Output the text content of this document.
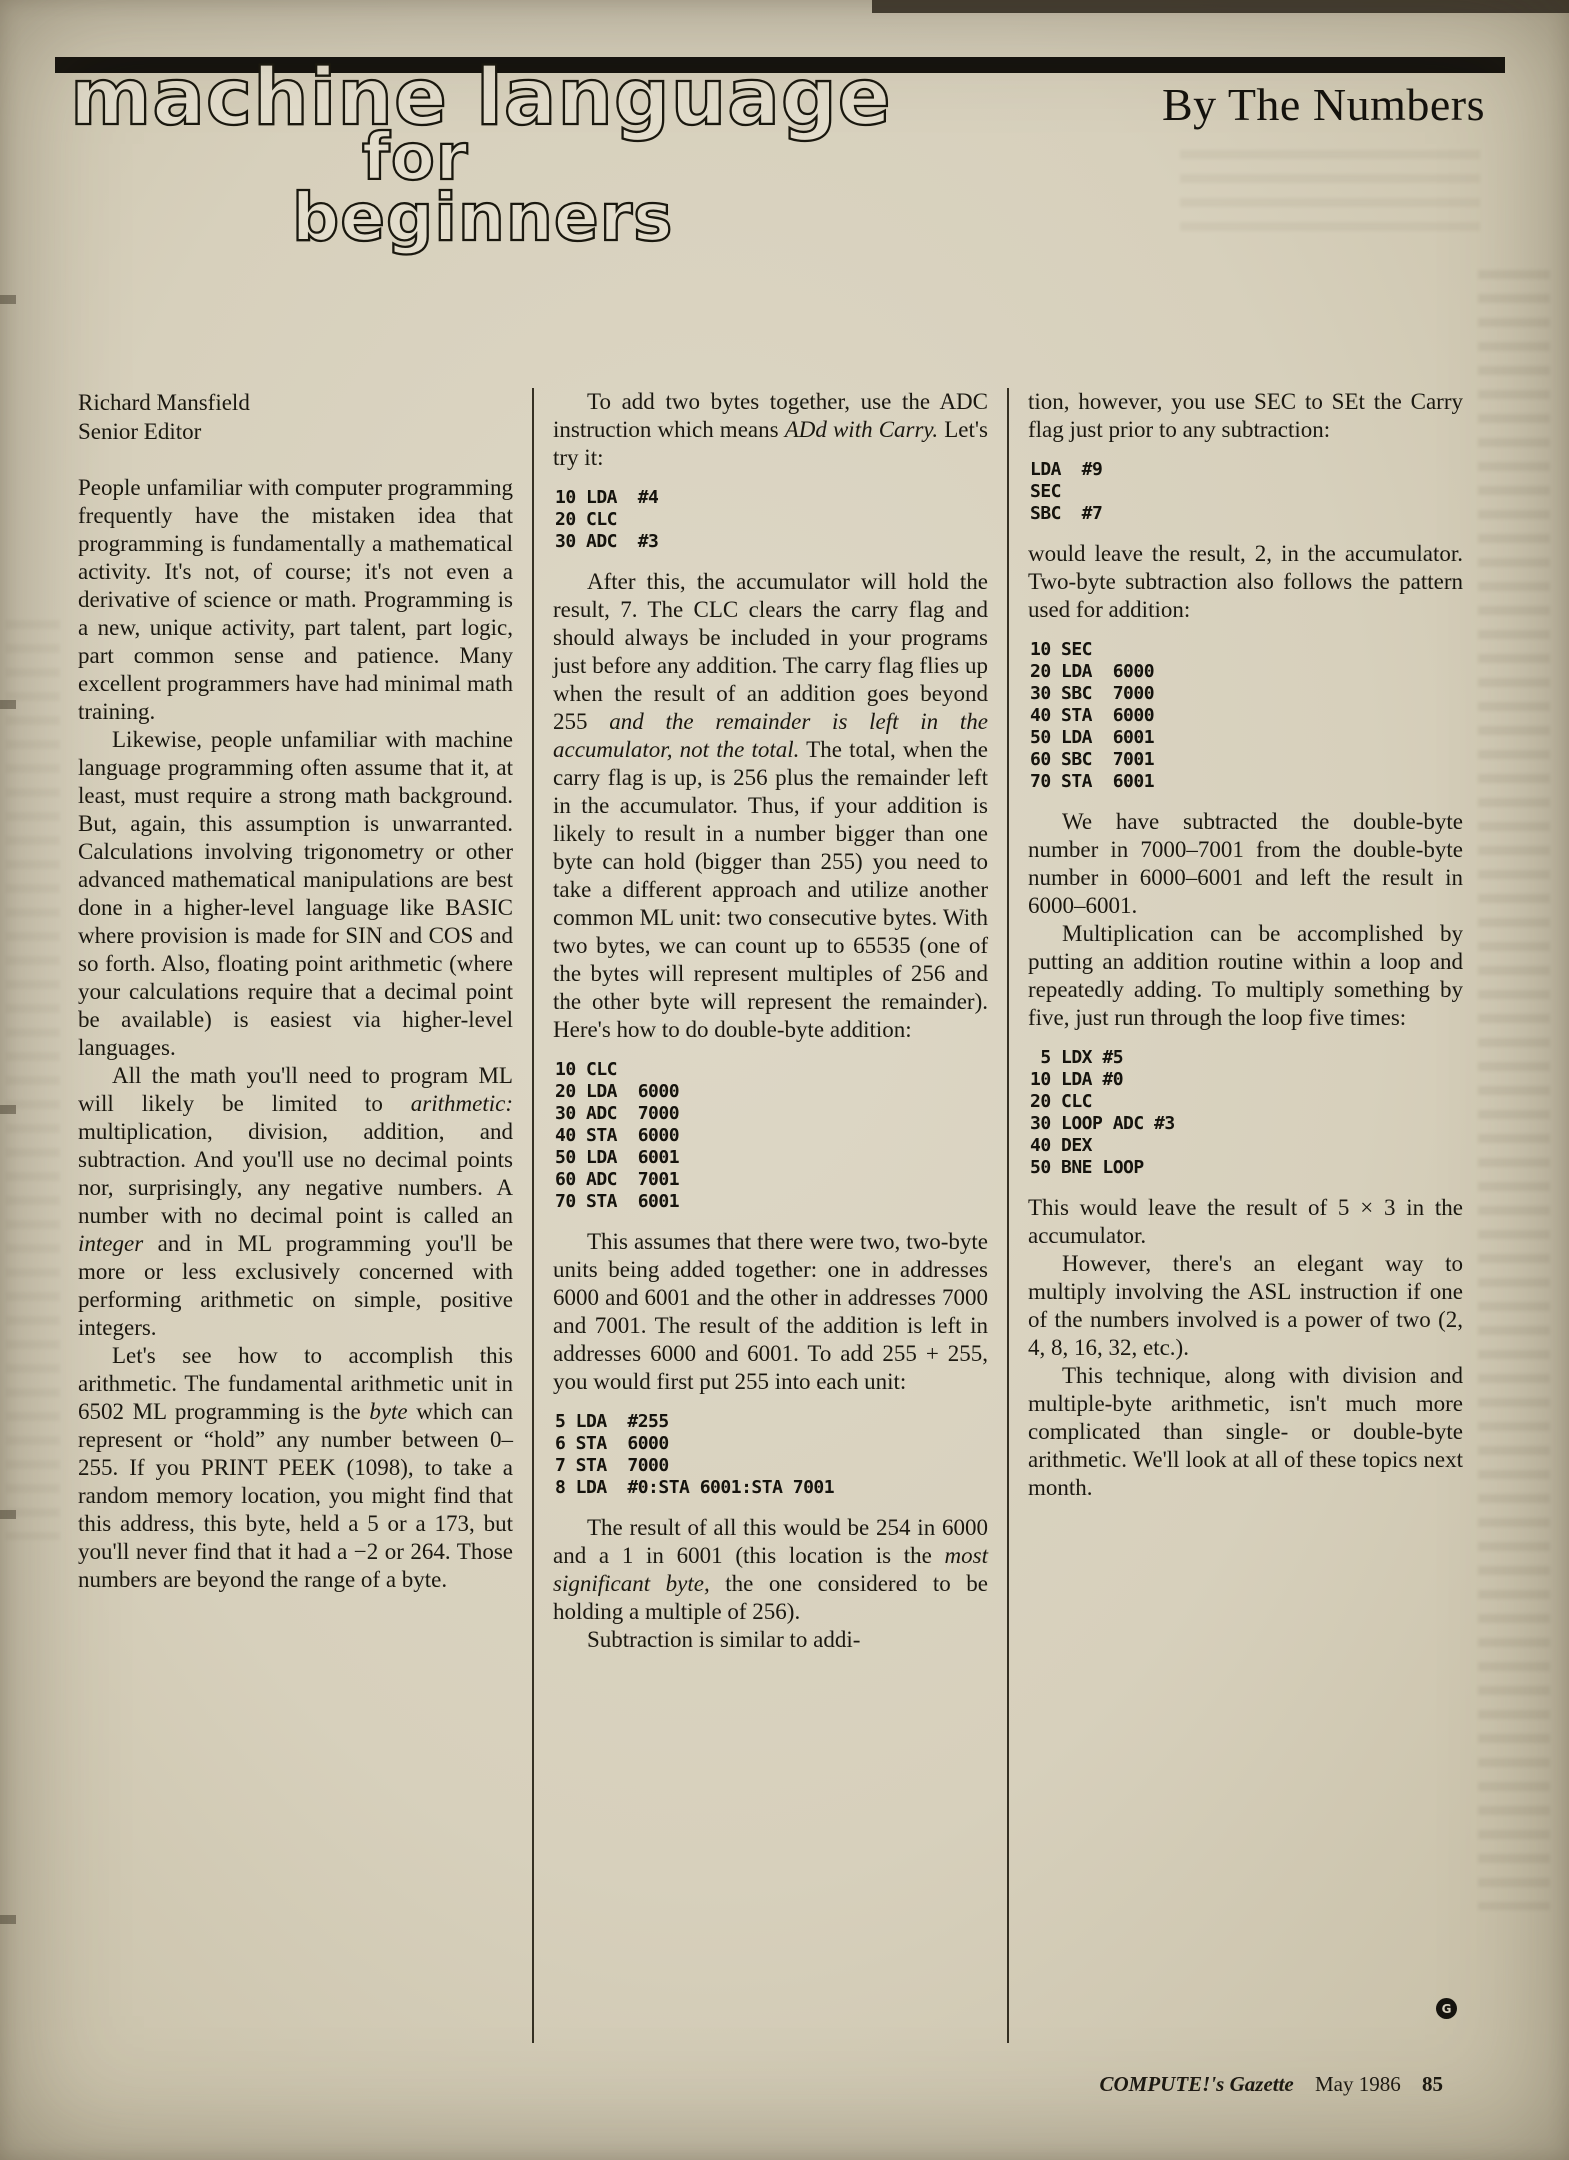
By The Numbers
machine language
for
beginners
Richard Mansfield
Senior Editor

People unfamiliar with computer programming frequently have the mistaken idea that programming is fundamentally a mathematical activity. It's not, of course; it's not even a derivative of science or math. Programming is a new, unique activity, part talent, part logic, part common sense and patience. Many excellent programmers have had minimal math training.

Likewise, people unfamiliar with machine language programming often assume that it, at least, must require a strong math background. But, again, this assumption is unwarranted. Calculations involving trigonometry or other advanced mathematical manipulations are best done in a higher-level language like BASIC where provision is made for SIN and COS and so forth. Also, floating point arithmetic (where your calculations require that a decimal point be available) is easiest via higher-level languages.

All the math you'll need to program ML will likely be limited to arithmetic: multiplication, division, addition, and subtraction. And you'll use no decimal points nor, surprisingly, any negative numbers. A number with no decimal point is called an integer and in ML programming you'll be more or less exclusively concerned with performing arithmetic on simple, positive integers.

Let's see how to accomplish this arithmetic. The fundamental arithmetic unit in 6502 ML programming is the byte which can represent or “hold” any number between 0–255. If you PRINT PEEK (1098), to take a random memory location, you might find that this address, this byte, held a 5 or a 173, but you'll never find that it had a −2 or 264. Those numbers are beyond the range of a byte.

To add two bytes together, use the ADC instruction which means ADd with Carry. Let's try it:

10 LDA  #4
20 CLC
30 ADC  #3

After this, the accumulator will hold the result, 7. The CLC clears the carry flag and should always be included in your programs just before any addition. The carry flag flies up when the result of an addition goes beyond 255 and the remainder is left in the accumulator, not the total. The total, when the carry flag is up, is 256 plus the remainder left in the accumulator. Thus, if your addition is likely to result in a number bigger than one byte can hold (bigger than 255) you need to take a different approach and utilize another common ML unit: two consecutive bytes. With two bytes, we can count up to 65535 (one of the bytes will represent multiples of 256 and the other byte will represent the remainder). Here's how to do double-byte addition:

10 CLC
20 LDA  6000
30 ADC  7000
40 STA  6000
50 LDA  6001
60 ADC  7001
70 STA  6001

This assumes that there were two, two-byte units being added together: one in addresses 6000 and 6001 and the other in addresses 7000 and 7001. The result of the addition is left in addresses 6000 and 6001. To add 255 + 255, you would first put 255 into each unit:

5 LDA  #255
6 STA  6000
7 STA  7000
8 LDA  #0:STA 6001:STA 7001

The result of all this would be 254 in 6000 and a 1 in 6001 (this location is the most significant byte, the one considered to be holding a multiple of 256).

Subtraction is similar to addi-

tion, however, you use SEC to SEt the Carry flag just prior to any subtraction:

LDA  #9
SEC
SBC  #7

would leave the result, 2, in the accumulator. Two-byte subtraction also follows the pattern used for addition:

10 SEC
20 LDA  6000
30 SBC  7000
40 STA  6000
50 LDA  6001
60 SBC  7001
70 STA  6001

We have subtracted the double-byte number in 7000–7001 from the double-byte number in 6000–6001 and left the result in 6000–6001.

Multiplication can be accomplished by putting an addition routine within a loop and repeatedly adding. To multiply something by five, just run through the loop five times:

5 LDX #5
10 LDA #0
20 CLC
30 LOOP ADC #3
40 DEX
50 BNE LOOP

This would leave the result of 5 × 3 in the accumulator.

However, there's an elegant way to multiply involving the ASL instruction if one of the numbers involved is a power of two (2, 4, 8, 16, 32, etc.).

This technique, along with division and multiple-byte arithmetic, isn't much more complicated than single- or double-byte arithmetic. We'll look at all of these topics next month.

G
COMPUTE!'s Gazette May 1986 85
